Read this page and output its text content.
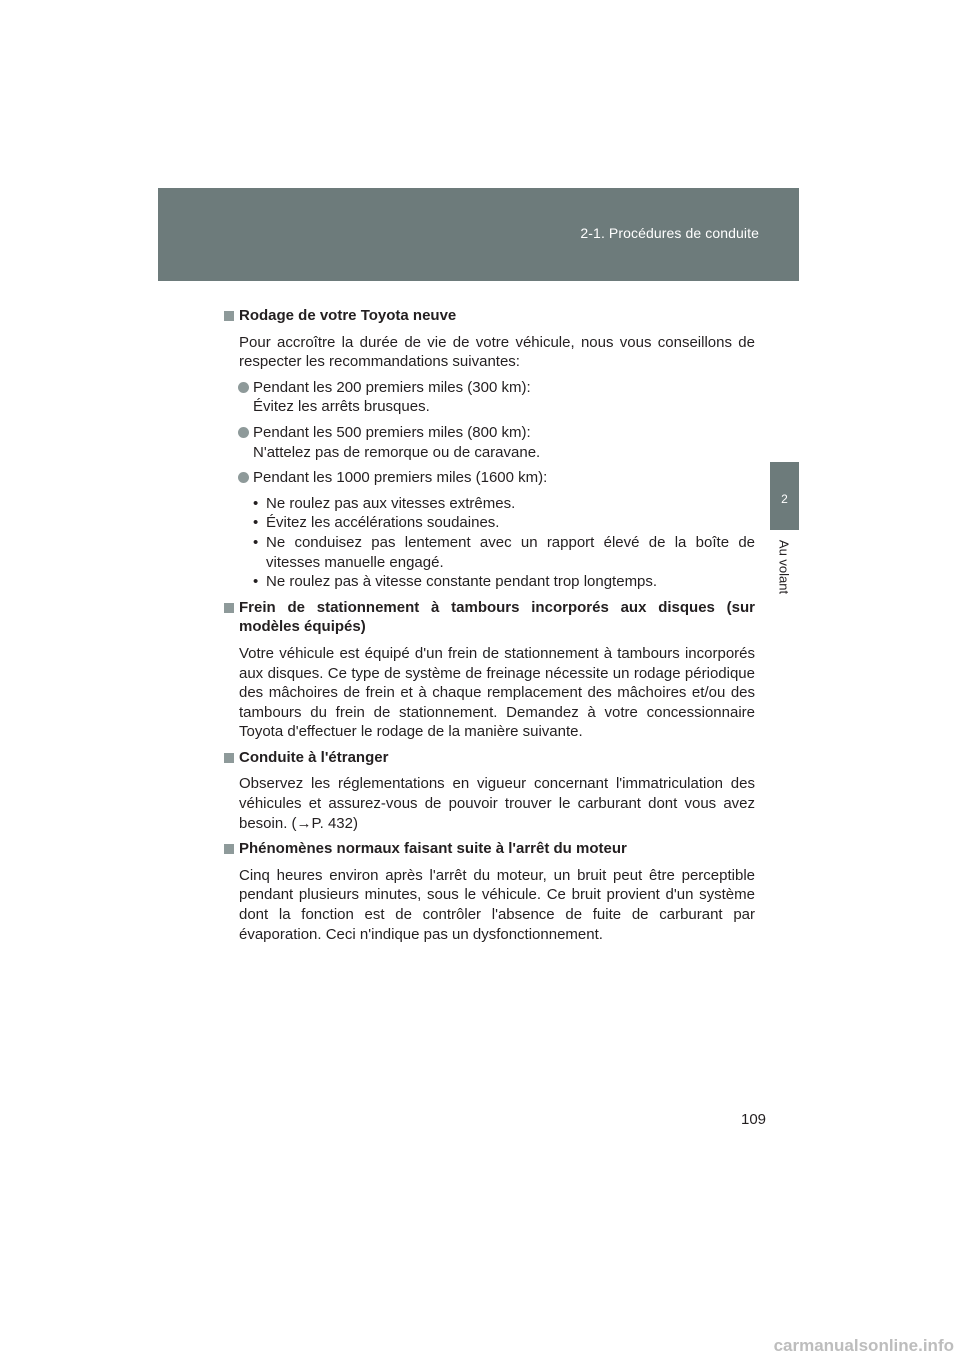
2-1. Procédures de conduite
2
Au volant
Rodage de votre Toyota neuve
Pour accroître la durée de vie de votre véhicule, nous vous conseillons de respecter les recommandations suivantes:
Pendant les 200 premiers miles (300 km):
Évitez les arrêts brusques.
Pendant les 500 premiers miles (800 km):
N'attelez pas de remorque ou de caravane.
Pendant les 1000 premiers miles (1600 km):
• Ne roulez pas aux vitesses extrêmes.
• Évitez les accélérations soudaines.
• Ne conduisez pas lentement avec un rapport élevé de la boîte de vitesses manuelle engagé.
• Ne roulez pas à vitesse constante pendant trop longtemps.
Frein de stationnement à tambours incorporés aux disques (sur modèles équipés)
Votre véhicule est équipé d'un frein de stationnement à tambours incorporés aux disques. Ce type de système de freinage nécessite un rodage périodique des mâchoires de frein et à chaque remplacement des mâchoires et/ou des tambours du frein de stationnement. Demandez à votre concessionnaire Toyota d'effectuer le rodage de la manière suivante.
Conduite à l'étranger
Observez les réglementations en vigueur concernant l'immatriculation des véhicules et assurez-vous de pouvoir trouver le carburant dont vous avez besoin. (→P. 432)
Phénomènes normaux faisant suite à l'arrêt du moteur
Cinq heures environ après l'arrêt du moteur, un bruit peut être perceptible pendant plusieurs minutes, sous le véhicule. Ce bruit provient d'un système dont la fonction est de contrôler l'absence de fuite de carburant par évaporation. Ceci n'indique pas un dysfonctionnement.
109
carmanualsonline.info
